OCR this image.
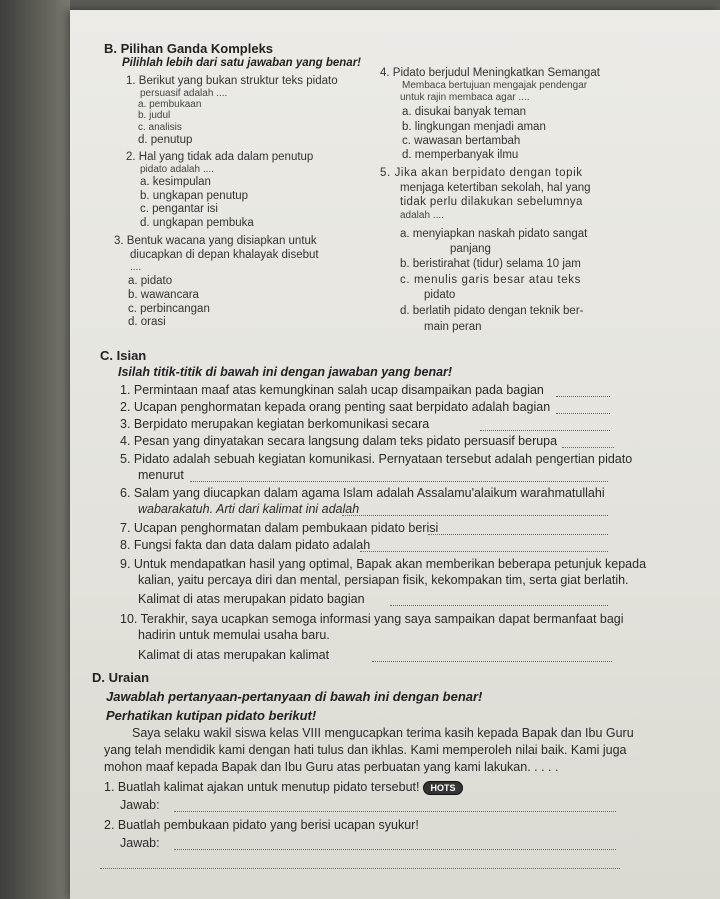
B. Pilihan Ganda Kompleks
Pilihlah lebih dari satu jawaban yang benar!
1. Berikut yang bukan struktur teks pidato
persuasif adalah ....
a. pembukaan
b. judul
c. analisis
d. penutup
2. Hal yang tidak ada dalam penutup
pidato adalah ....
a. kesimpulan
b. ungkapan penutup
c. pengantar isi
d. ungkapan pembuka
3. Bentuk wacana yang disiapkan untuk
diucapkan di depan khalayak disebut
....
a. pidato
b. wawancara
c. perbincangan
d. orasi
4. Pidato berjudul Meningkatkan Semangat
Membaca bertujuan mengajak pendengar
untuk rajin membaca agar ....
a. disukai banyak teman
b. lingkungan menjadi aman
c. wawasan bertambah
d. memperbanyak ilmu
5. Jika akan berpidato dengan topik
menjaga ketertiban sekolah, hal yang
tidak perlu dilakukan sebelumnya
adalah ....
a. menyiapkan naskah pidato sangat
panjang
b. beristirahat (tidur) selama 10 jam
c. menulis garis besar atau teks
pidato
d. berlatih pidato dengan teknik ber-
main peran
C. Isian
Isilah titik-titik di bawah ini dengan jawaban yang benar!
1. Permintaan maaf atas kemungkinan salah ucap disampaikan pada bagian
2. Ucapan penghormatan kepada orang penting saat berpidato adalah bagian
3. Berpidato merupakan kegiatan berkomunikasi secara
4. Pesan yang dinyatakan secara langsung dalam teks pidato persuasif berupa
5. Pidato adalah sebuah kegiatan komunikasi. Pernyataan tersebut adalah pengertian pidato
menurut
6. Salam yang diucapkan dalam agama Islam adalah Assalamu'alaikum warahmatullahi
wabarakatuh. Arti dari kalimat ini adalah
7. Ucapan penghormatan dalam pembukaan pidato berisi
8. Fungsi fakta dan data dalam pidato adalah
9. Untuk mendapatkan hasil yang optimal, Bapak akan memberikan beberapa petunjuk kepada
kalian, yaitu percaya diri dan mental, persiapan fisik, kekompakan tim, serta giat berlatih.
Kalimat di atas merupakan pidato bagian
10. Terakhir, saya ucapkan semoga informasi yang saya sampaikan dapat bermanfaat bagi
hadirin untuk memulai usaha baru.
Kalimat di atas merupakan kalimat
D. Uraian
Jawablah pertanyaan-pertanyaan di bawah ini dengan benar!
Perhatikan kutipan pidato berikut!
Saya selaku wakil siswa kelas VIII mengucapkan terima kasih kepada Bapak dan Ibu Guru
yang telah mendidik kami dengan hati tulus dan ikhlas. Kami memperoleh nilai baik. Kami juga
mohon maaf kepada Bapak dan Ibu Guru atas perbuatan yang kami lakukan. . . . .
1. Buatlah kalimat ajakan untuk menutup pidato tersebut! HOTS
Jawab:
2. Buatlah pembukaan pidato yang berisi ucapan syukur!
Jawab:
